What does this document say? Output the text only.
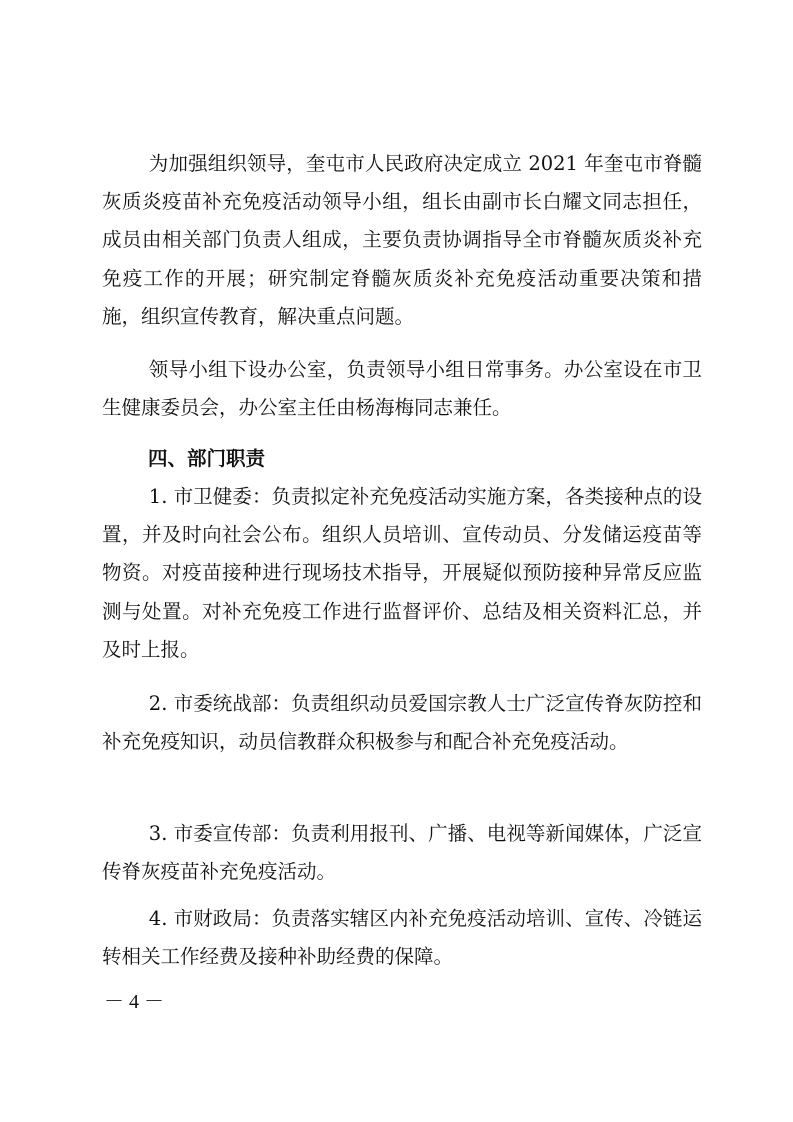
为加强组织领导，奎屯市人民政府决定成立 2021 年奎屯市脊髓灰质炎疫苗补充免疫活动领导小组，组长由副市长白耀文同志担任，成员由相关部门负责人组成，主要负责协调指导全市脊髓灰质炎补充免疫工作的开展；研究制定脊髓灰质炎补充免疫活动重要决策和措施，组织宣传教育，解决重点问题。

领导小组下设办公室，负责领导小组日常事务。办公室设在市卫生健康委员会，办公室主任由杨海梅同志兼任。

四、部门职责

1. 市卫健委：负责拟定补充免疫活动实施方案，各类接种点的设置，并及时向社会公布。组织人员培训、宣传动员、分发储运疫苗等物资。对疫苗接种进行现场技术指导，开展疑似预防接种异常反应监测与处置。对补充免疫工作进行监督评价、总结及相关资料汇总，并及时上报。

2. 市委统战部：负责组织动员爱国宗教人士广泛宣传脊灰防控和补充免疫知识，动员信教群众积极参与和配合补充免疫活动。

3. 市委宣传部：负责利用报刊、广播、电视等新闻媒体，广泛宣传脊灰疫苗补充免疫活动。

4. 市财政局：负责落实辖区内补充免疫活动培训、宣传、冷链运转相关工作经费及接种补助经费的保障。

－ 4 －
